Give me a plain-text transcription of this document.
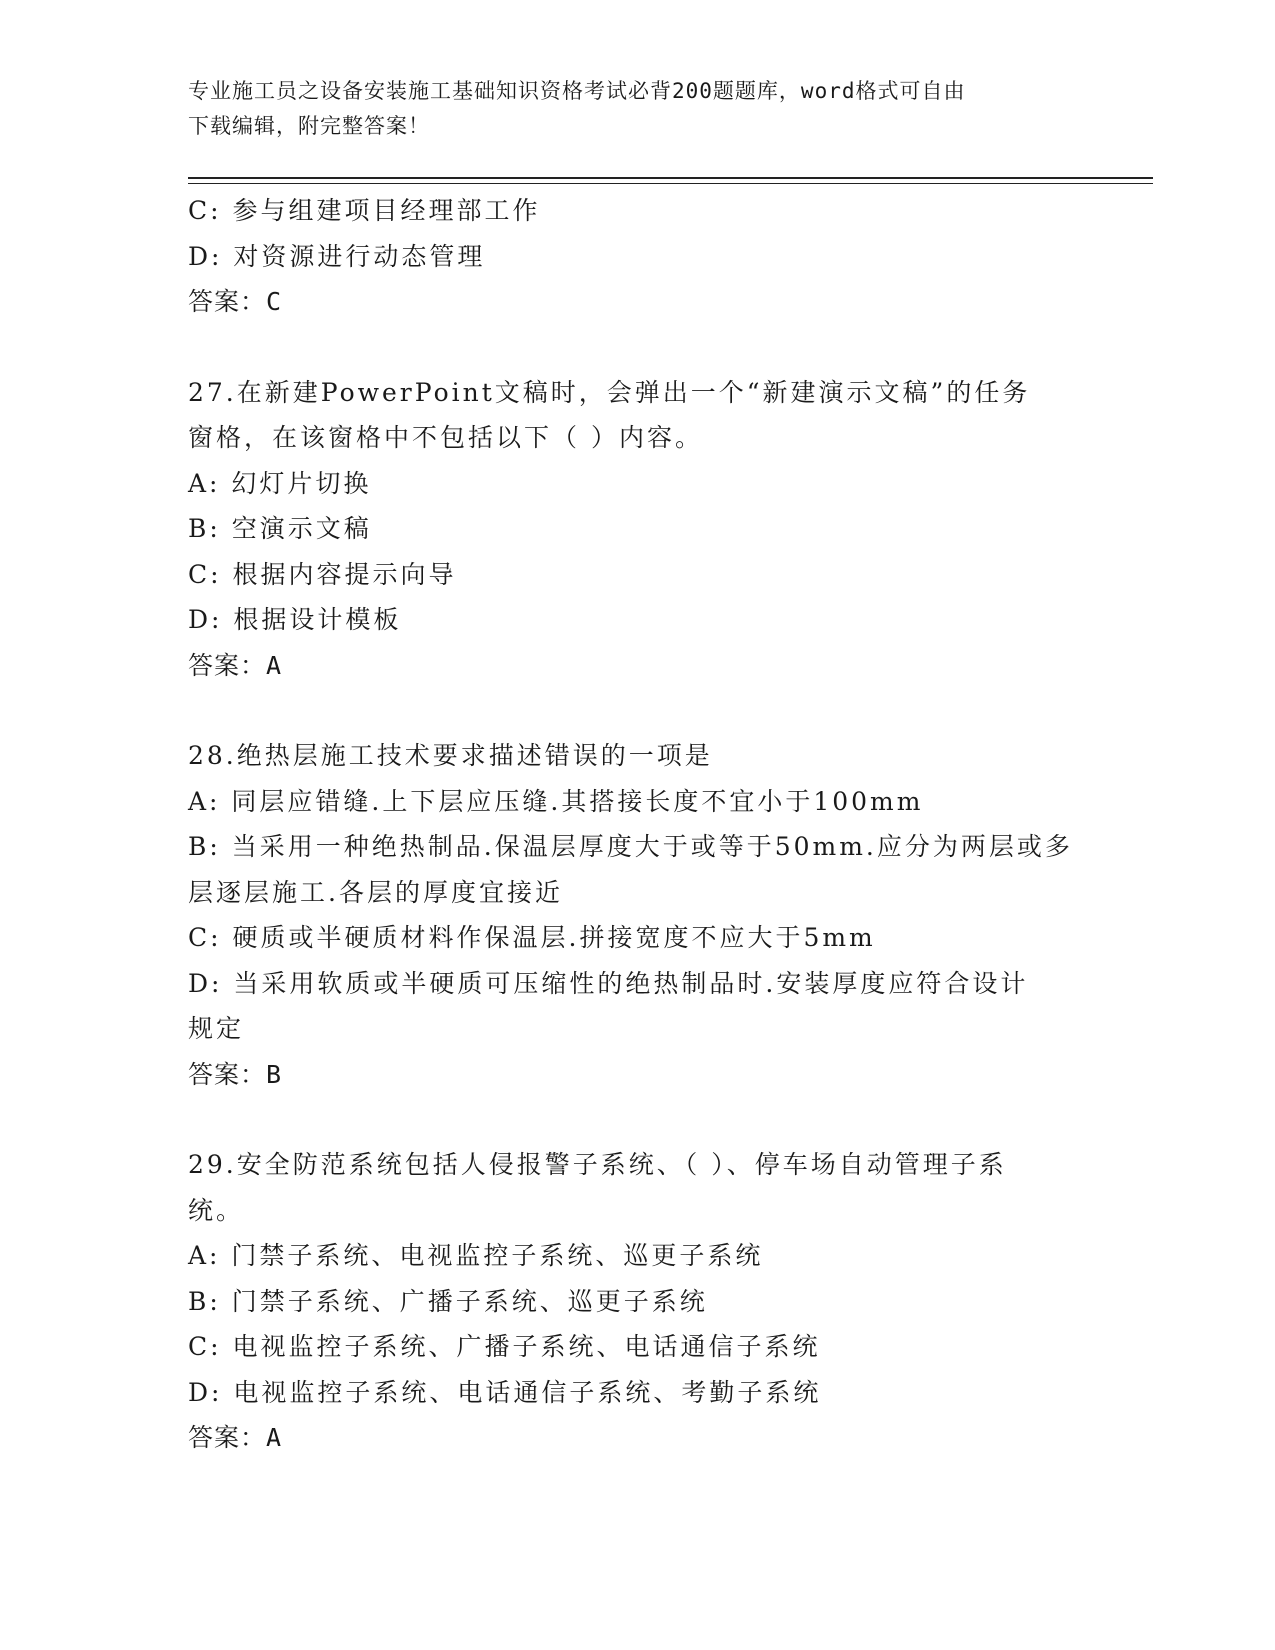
专业施工员之设备安装施工基础知识资格考试必背200题题库，word格式可自由
下载编辑，附完整答案！

C: 参与组建项目经理部工作

D: 对资源进行动态管理

答案：C

27.在新建PowerPoint文稿时，会弹出一个“新建演示文稿”的任务

窗格，在该窗格中不包括以下（ ）内容。

A: 幻灯片切换

B: 空演示文稿

C: 根据内容提示向导

D: 根据设计模板

答案：A

28.绝热层施工技术要求描述错误的一项是

A: 同层应错缝.上下层应压缝.其搭接长度不宜小于100mm

B: 当采用一种绝热制品.保温层厚度大于或等于50mm.应分为两层或多

层逐层施工.各层的厚度宜接近

C: 硬质或半硬质材料作保温层.拼接宽度不应大于5mm

D: 当采用软质或半硬质可压缩性的绝热制品时.安装厚度应符合设计

规定

答案：B

29.安全防范系统包括人侵报警子系统、（ ）、停车场自动管理子系

统。

A: 门禁子系统、电视监控子系统、巡更子系统

B: 门禁子系统、广播子系统、巡更子系统

C: 电视监控子系统、广播子系统、电话通信子系统

D: 电视监控子系统、电话通信子系统、考勤子系统

答案：A
